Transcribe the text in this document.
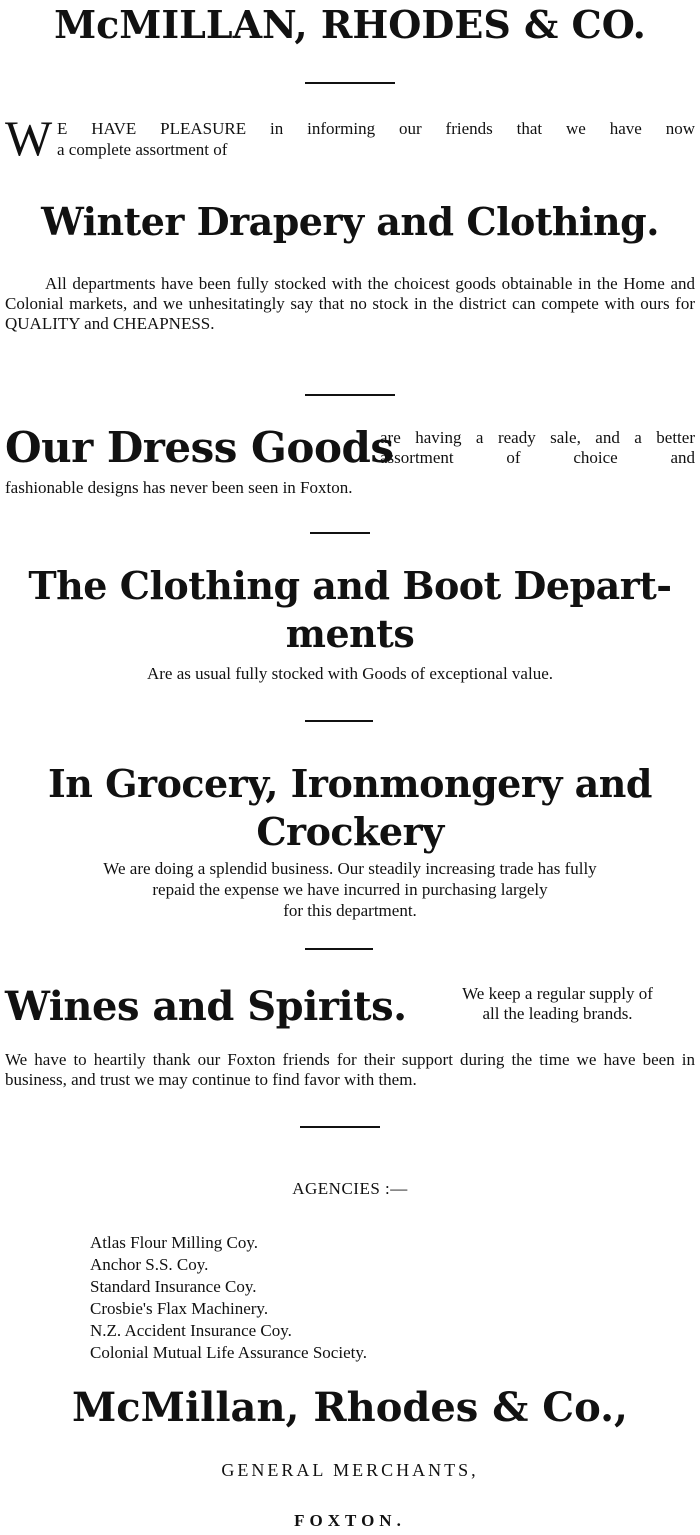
McMILLAN, RHODES & CO.
W E HAVE PLEASURE in informing our friends that we have now
a complete assortment of
Winter Drapery and Clothing.
All departments have been fully stocked with the choicest goods obtainable in the Home and Colonial markets, and we unhesitatingly say that no stock in the district can compete with ours for QUALITY and CHEAPNESS.
Our Dress Goods
are having a ready sale, and a better assortment of choice and
fashionable designs has never been seen in Foxton.
The Clothing and Boot Depart-
ments
Are as usual fully stocked with Goods of exceptional value.
In Grocery, Ironmongery and
Crockery
We are doing a splendid business. Our steadily increasing trade has fully
repaid the expense we have incurred in purchasing largely
for this department.
Wines and Spirits.	We keep a regular supply of
all the leading brands.
We have to heartily thank our Foxton friends for their support during the time we have been in business, and trust we may continue to find favor with them.
AGENCIES :—
Atlas Flour Milling Coy.
Anchor S.S. Coy.
Standard Insurance Coy.
Crosbie's Flax Machinery.
N.Z. Accident Insurance Coy.
Colonial Mutual Life Assurance Society.
McMillan, Rhodes & Co.,
GENERAL MERCHANTS,
FOXTON.
